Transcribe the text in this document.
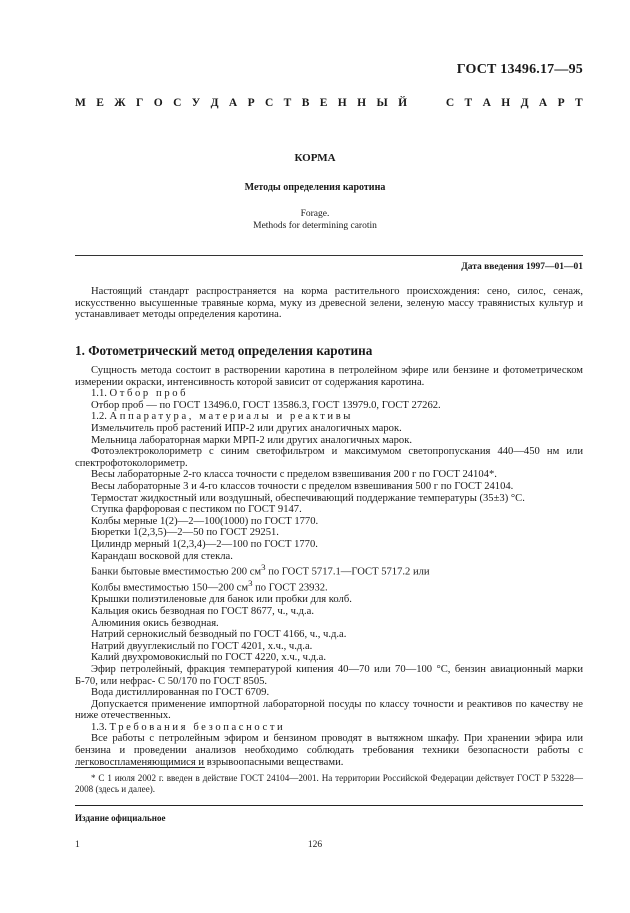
ГОСТ 13496.17—95
М Е Ж Г О С У Д А Р С Т В Е Н Н Ы Й	С Т А Н Д А Р Т
КОРМА
Методы определения каротина
Forage.
Methods for determining carotin
Дата введения 1997—01—01

Настоящий стандарт распространяется на корма растительного происхождения: сено, силос, сенаж, искусственно высушенные травяные корма, муку из древесной зелени, зеленую массу травянистых культур и устанавливает методы определения каротина.

1. Фотометрический метод определения каротина

Сущность метода состоит в растворении каротина в петролейном эфире или бензине и фотометрическом измерении окраски, интенсивность которой зависит от содержания каротина.

1.1. Отбор проб

Отбор проб — по ГОСТ 13496.0, ГОСТ 13586.3, ГОСТ 13979.0, ГОСТ 27262.

1.2. Аппаратура, материалы и реактивы

Измельчитель проб растений ИПР-2 или других аналогичных марок.

Мельница лабораторная марки МРП-2 или других аналогичных марок.

Фотоэлектроколориметр с синим светофильтром и максимумом светопропускания 440—450 нм или спектрофотоколориметр.

Весы лабораторные 2-го класса точности с пределом взвешивания 200 г по ГОСТ 24104*.

Весы лабораторные 3 и 4-го классов точности с пределом взвешивания 500 г по ГОСТ 24104.

Термостат жидкостный или воздушный, обеспечивающий поддержание температуры (35±3) °С.

Ступка фарфоровая с пестиком по ГОСТ 9147.

Колбы мерные 1(2)—2—100(1000) по ГОСТ 1770.

Бюретки 1(2,3,5)—2—50 по ГОСТ 29251.

Цилиндр мерный 1(2,3,4)—2—100 по ГОСТ 1770.

Карандаш восковой для стекла.

Банки бытовые вместимостью 200 $см^3$ по ГОСТ 5717.1—ГОСТ 5717.2 или

Колбы вместимостью 150—200 $см^3$ по ГОСТ 23932.

Крышки полиэтиленовые для банок или пробки для колб.

Кальция окись безводная по ГОСТ 8677, ч., ч.д.а.

Алюминия окись безводная.

Натрий сернокислый безводный по ГОСТ 4166, ч., ч.д.а.

Натрий двууглекислый по ГОСТ 4201, х.ч., ч.д.а.

Калий двухромовокислый по ГОСТ 4220, х.ч., ч.д.а.

Эфир петролейный, фракция температурой кипения 40—70 или 70—100 °С, бензин авиационный марки Б-70, или нефрас- С 50/170 по ГОСТ 8505.

Вода дистиллированная по ГОСТ 6709.

Допускается применение импортной лабораторной посуды по классу точности и реактивов по качеству не ниже отечественных.

1.3. Требования безопасности

Все работы с петролейным эфиром и бензином проводят в вытяжном шкафу. При хранении эфира или бензина и проведении анализов необходимо соблюдать требования техники безопасности работы с легковоспламеняющимися и взрывоопасными веществами.

* С 1 июля 2002 г. введен в действие ГОСТ 24104—2001. На территории Российской Федерации действует ГОСТ Р 53228—2008 (здесь и далее).
Издание официальное
1	126
